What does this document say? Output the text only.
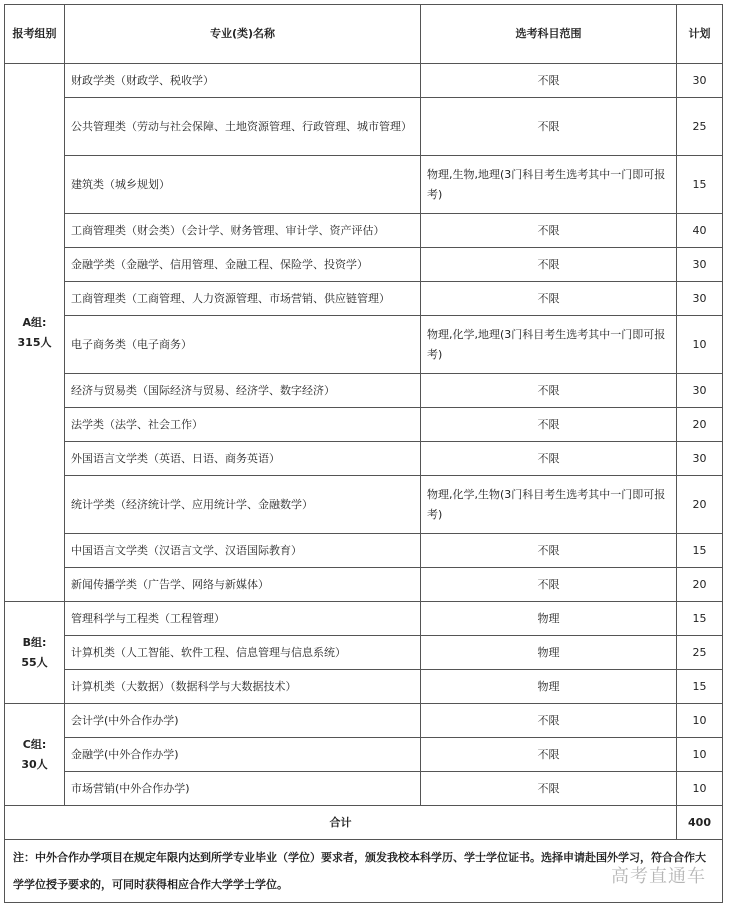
报考组别	专业(类)名称	选考科目范围	计划

A组:
315人	财政学类（财政学、税收学）	不限	30
	公共管理类（劳动与社会保障、土地资源管理、行政管理、城市管理）	不限	25
	建筑类（城乡规划）	物理,生物,地理(3门科目考生选考其中一门即可报考)	15
	工商管理类（财会类）（会计学、财务管理、审计学、资产评估）	不限	40
	金融学类（金融学、信用管理、金融工程、保险学、投资学）	不限	30
	工商管理类（工商管理、人力资源管理、市场营销、供应链管理）	不限	30
	电子商务类（电子商务）	物理,化学,地理(3门科目考生选考其中一门即可报考)	10
	经济与贸易类（国际经济与贸易、经济学、数字经济）	不限	30
	法学类（法学、社会工作）	不限	20
	外国语言文学类（英语、日语、商务英语）	不限	30
	统计学类（经济统计学、应用统计学、金融数学）	物理,化学,生物(3门科目考生选考其中一门即可报考)	20
	中国语言文学类（汉语言文学、汉语国际教育）	不限	15
	新闻传播学类（广告学、网络与新媒体）	不限	20

B组:
55人	管理科学与工程类（工程管理）	物理	15
	计算机类（人工智能、软件工程、信息管理与信息系统）	物理	25
	计算机类（大数据）（数据科学与大数据技术）	物理	15

C组:
30人	会计学(中外合作办学)	不限	10
	金融学(中外合作办学)	不限	10
	市场营销(中外合作办学)	不限	10
合计			400
注：中外合作办学项目在规定年限内达到所学专业毕业（学位）要求者，颁发我校本科学历、学士学位证书。选择申请赴国外学习，符合合作大学学位授予要求的，可同时获得相应合作大学学士学位。				高考直通车
